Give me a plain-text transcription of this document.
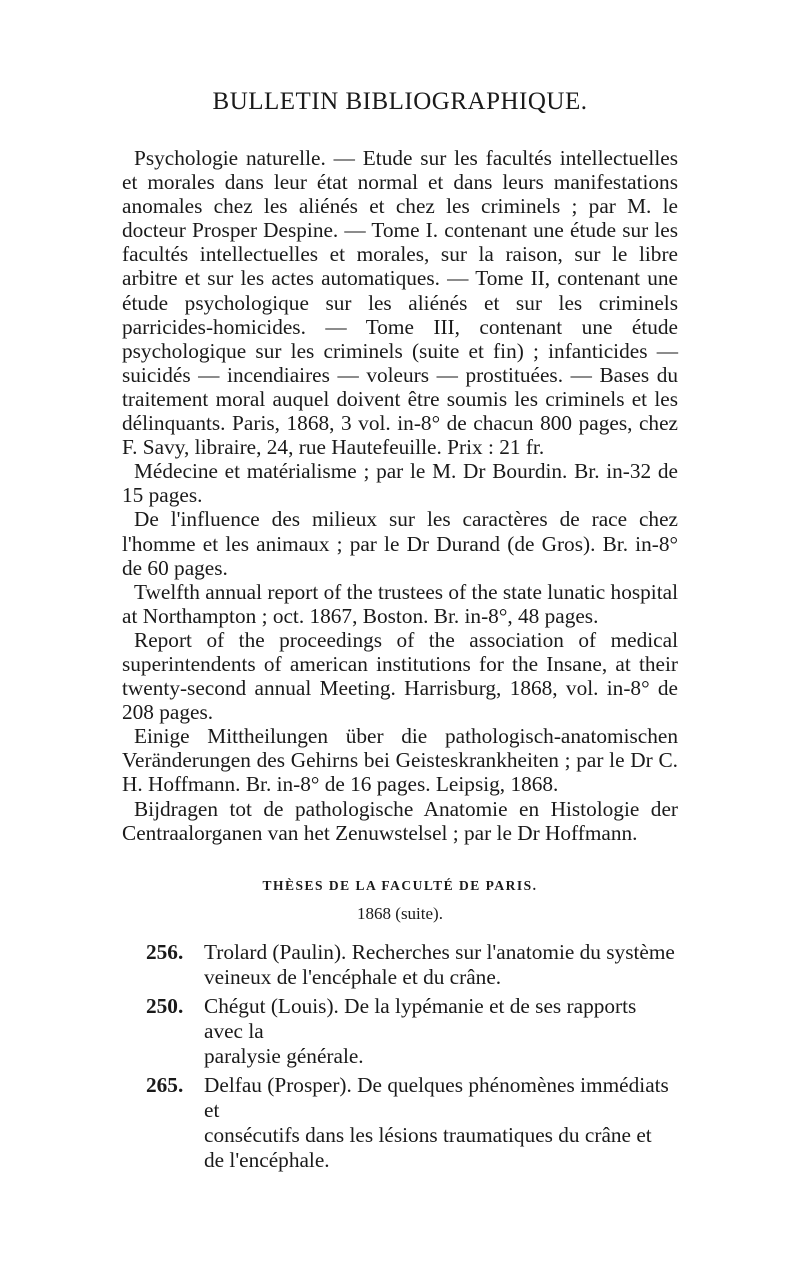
BULLETIN BIBLIOGRAPHIQUE.

Psychologie naturelle. — Etude sur les facultés intellectuelles et morales dans leur état normal et dans leurs manifestations anomales chez les aliénés et chez les criminels ; par M. le docteur Prosper Despine. — Tome I. contenant une étude sur les facultés intellectuelles et morales, sur la raison, sur le libre arbitre et sur les actes automatiques. — Tome II, contenant une étude psychologique sur les aliénés et sur les criminels parricides-homicides. — Tome III, contenant une étude psychologique sur les criminels (suite et fin) ; infanticides — suicidés — incendiaires — voleurs — prostituées. — Bases du traitement moral auquel doivent être soumis les criminels et les délinquants. Paris, 1868, 3 vol. in-8° de chacun 800 pages, chez F. Savy, libraire, 24, rue Hautefeuille. Prix : 21 fr.

Médecine et matérialisme ; par le M. Dr Bourdin. Br. in-32 de 15 pages.

De l'influence des milieux sur les caractères de race chez l'homme et les animaux ; par le Dr Durand (de Gros). Br. in-8° de 60 pages.

Twelfth annual report of the trustees of the state lunatic hospital at Northampton ; oct. 1867, Boston. Br. in-8°, 48 pages.

Report of the proceedings of the association of medical superintendents of american institutions for the Insane, at their twenty-second annual Meeting. Harrisburg, 1868, vol. in-8° de 208 pages.

Einige Mittheilungen über die pathologisch-anatomischen Veränderungen des Gehirns bei Geisteskrankheiten ; par le Dr C. H. Hoffmann. Br. in-8° de 16 pages. Leipsig, 1868.

Bijdragen tot de pathologische Anatomie en Histologie der Centraalorganen van het Zenuwstelsel ; par le Dr Hoffmann.

THÈSES DE LA FACULTÉ DE PARIS.
1868 (suite).
256. Trolard (Paulin). Recherches sur l'anatomie du système
veineux de l'encéphale et du crâne.
250. Chégut (Louis). De la lypémanie et de ses rapports avec la
paralysie générale.
265. Delfau (Prosper). De quelques phénomènes immédiats et
consécutifs dans les lésions traumatiques du crâne et de l'encéphale.
